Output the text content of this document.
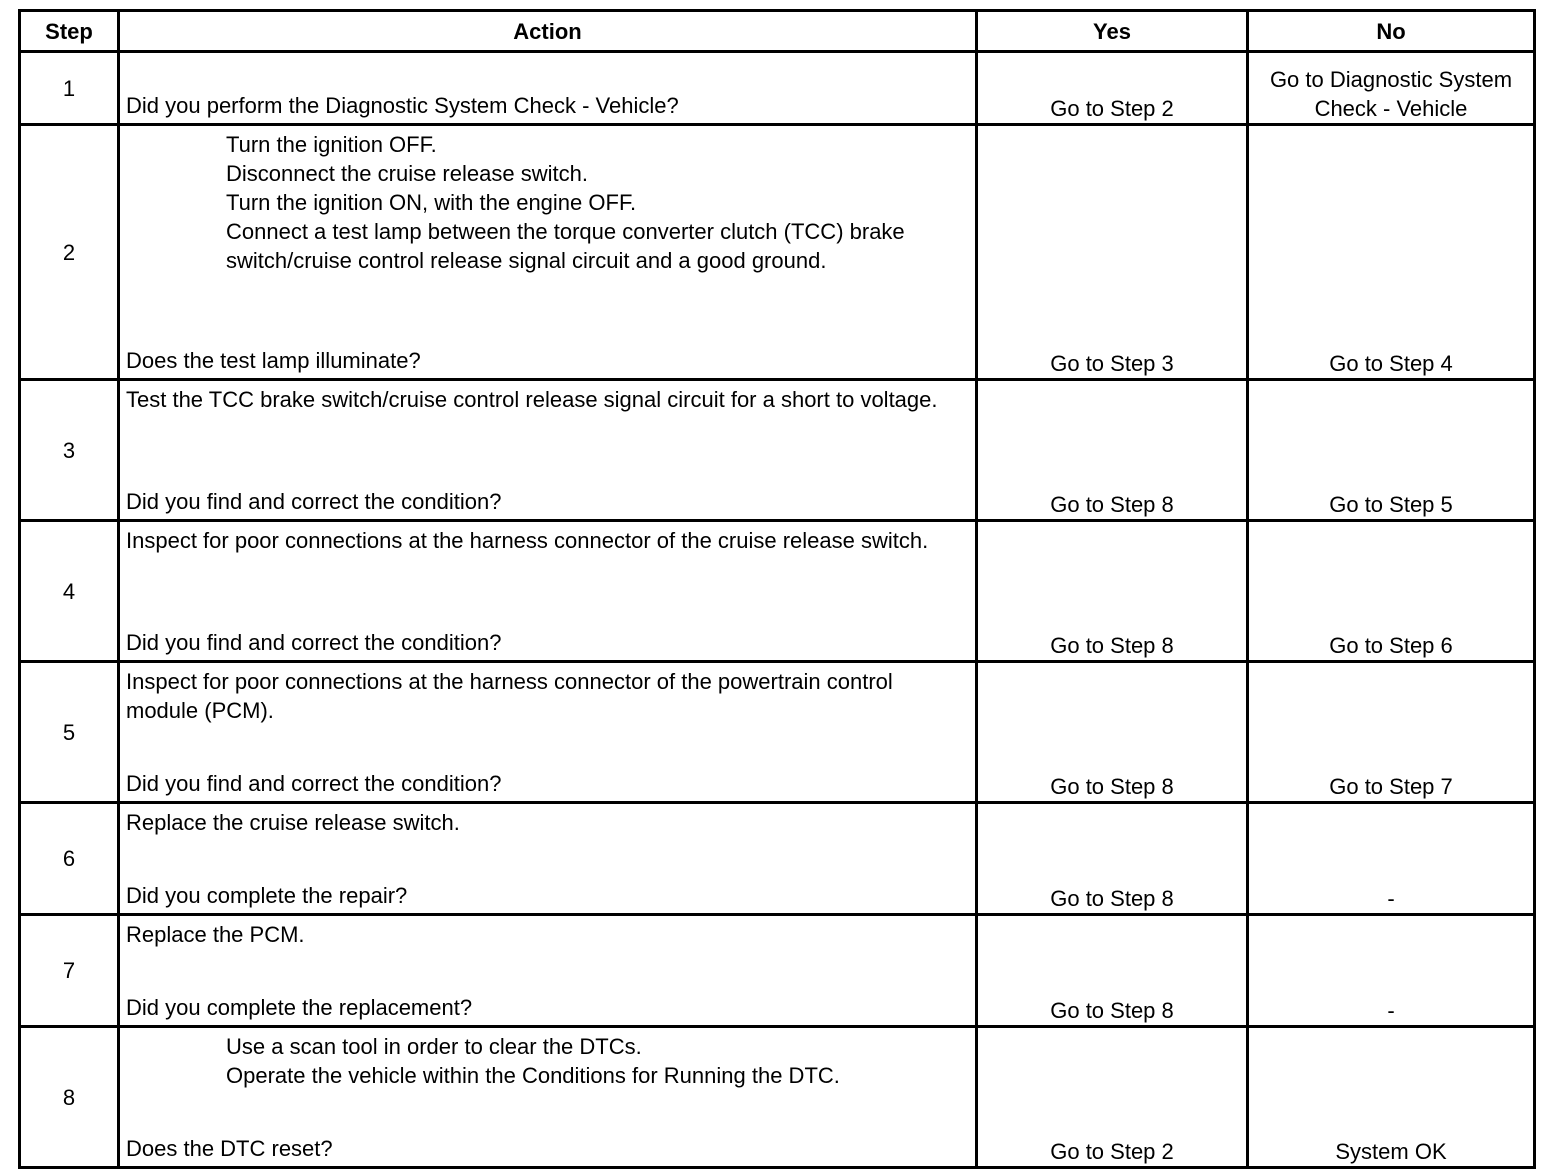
Step	Action	Yes	No
1	Did you perform the Diagnostic System Check - Vehicle?	Go to Step 2	Go to Diagnostic System Check - Vehicle

2	Turn the ignition OFF.
Disconnect the cruise release switch.
Turn the ignition ON, with the engine OFF.
Connect a test lamp between the torque converter clutch (TCC) brake switch/cruise control release signal circuit and a good ground.
Does the test lamp illuminate?	Go to Step 3	Go to Step 4

3	Test the TCC brake switch/cruise control release signal circuit for a short to voltage.
Did you find and correct the condition?	Go to Step 8	Go to Step 5

4	Inspect for poor connections at the harness connector of the cruise release switch.
Did you find and correct the condition?	Go to Step 8	Go to Step 6

5	Inspect for poor connections at the harness connector of the powertrain control module (PCM).
Did you find and correct the condition?	Go to Step 8	Go to Step 7

6	Replace the cruise release switch.
Did you complete the repair?	Go to Step 8	-

7	Replace the PCM.
Did you complete the replacement?	Go to Step 8	-

8	Use a scan tool in order to clear the DTCs.
Operate the vehicle within the Conditions for Running the DTC.
Does the DTC reset?	Go to Step 2	System OK
